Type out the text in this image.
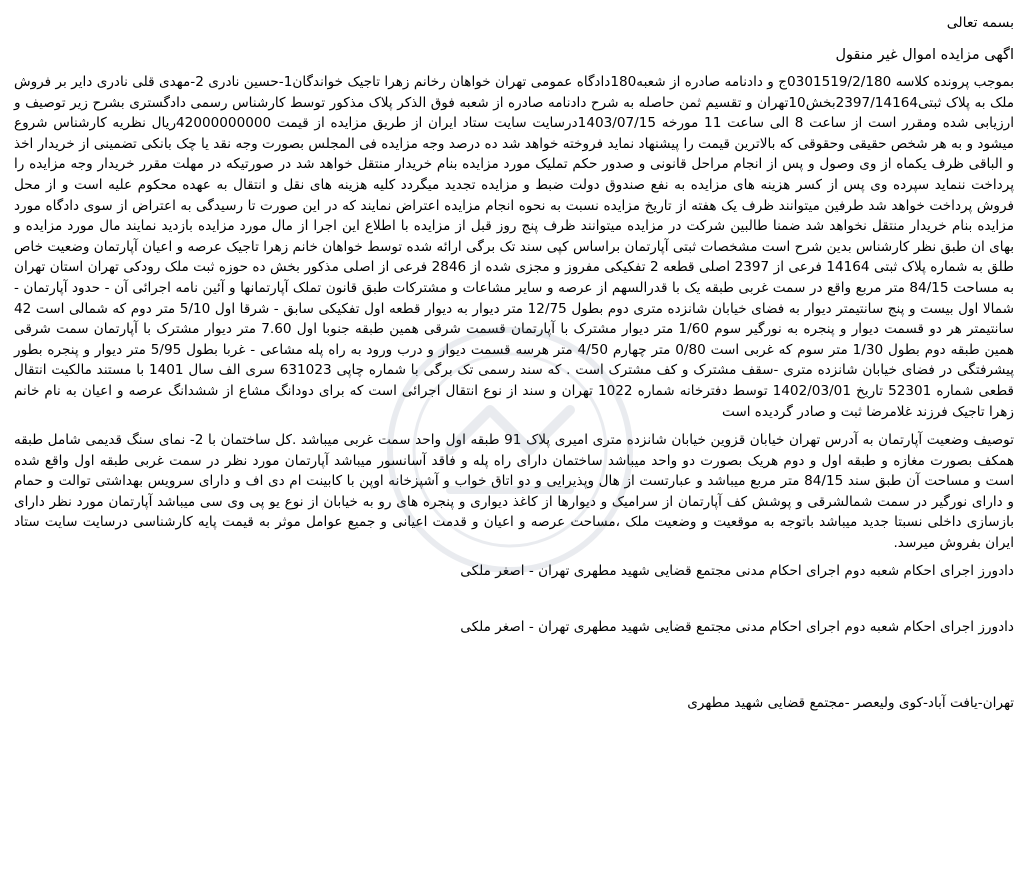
بسمه تعالی
اگهی مزایده اموال غیر منقول

بموجب پرونده کلاسه 0301519/2/180ج و دادنامه صادره از شعبه180دادگاه عمومی تهران خواهان رخانم زهرا تاجیک خواندگان1-حسین نادری 2-مهدی قلی نادری دایر بر فروش ملک به پلاک ثبتی2397/14164بخش10تهران و تقسیم ثمن حاصله به شرح دادنامه صادره از شعبه فوق الذکر پلاک مذکور توسط کارشناس رسمی دادگستری بشرح زیر توصیف و ارزیابی شده ومقرر است از ساعت 8 الی ساعت 11 مورخه 1403/07/15درسایت سایت ستاد ایران از طریق مزایده از قیمت 42000000000ریال نظریه کارشناس شروع میشود و به هر شخص حقیقی وحقوقی که بالاترین قیمت را پیشنهاد نماید فروخته خواهد شد ده درصد وجه مزایده فی المجلس بصورت وجه نقد یا چک بانکی تضمینی از خریدار اخذ و الباقی ظرف یکماه از وی وصول و پس از انجام مراحل قانونی و صدور حکم تملیک مورد مزایده بنام خریدار منتقل خواهد شد در صورتیکه در مهلت مقرر خریدار وجه مزایده را پرداخت ننماید سپرده وی پس از کسر هزینه های مزایده به نفع صندوق دولت ضبط و مزایده تجدید میگردد کلیه هزینه های نقل و انتقال به عهده محکوم علیه است و از محل فروش پرداخت خواهد شد طرفین میتوانند ظرف یک هفته از تاریخ مزایده نسبت به نحوه انجام مزایده اعتراض نمایند که در این صورت تا رسیدگی به اعتراض از سوی دادگاه مورد مزایده بنام خریدار منتقل نخواهد شد ضمنا طالبین شرکت در مزایده میتوانند ظرف پنج روز قبل از مزایده با اطلاع این اجرا از مال مورد مزایده بازدید نمایند مال مورد مزایده و بهای ان طبق نظر کارشناس بدین شرح است مشخصات ثبتی آپارتمان براساس کپی سند تک برگی ارائه شده توسط خواهان خانم زهرا تاجیک عرصه و اعیان آپارتمان وضعیت خاص طلق به شماره پلاک ثبتی 14164 فرعی از 2397 اصلی قطعه 2 تفکیکی مفروز و مجزی شده از 2846 فرعی از اصلی مذکور بخش ده حوزه ثبت ملک رودکی تهران استان تهران به مساحت 84/15 متر مربع واقع در سمت غربی طبقه یک با قدرالسهم از عرصه و سایر مشاعات و مشترکات طبق قانون تملک آپارتمانها و آئین نامه اجرائی آن - حدود آپارتمان - شمالا اول بیست و پنج سانتیمتر دیوار به فضای خیابان شانزده متری دوم بطول 12/75 متر دیوار به دیوار قطعه اول تفکیکی سابق - شرقا اول 5/10 متر دوم که شمالی است 42 سانتیمتر هر دو قسمت دیوار و پنجره به نورگیر سوم 1/60 متر دیوار مشترک با آپارتمان قسمت شرقی همین طبقه جنوبا اول 7.60 متر دیوار مشترک با آپارتمان سمت شرقی همین طبقه دوم بطول 1/30 متر سوم که غربی است 0/80 متر چهارم 4/50 متر هرسه قسمت دیوار و درب ورود به راه پله مشاعی - غربا بطول 5/95 متر دیوار و پنجره بطور پیشرفتگی در فضای خیابان شانزده متری -سقف مشترک و کف مشترک است . که سند رسمی تک برگی با شماره چاپی 631023 سری الف سال 1401 با مستند مالکیت انتقال قطعی شماره 52301 تاریخ 1402/03/01 توسط دفترخانه شماره 1022 تهران و سند از نوع انتقال اجرائی است که برای دودانگ مشاع از ششدانگ عرصه و اعیان به نام خانم زهرا تاجیک فرزند غلامرضا ثبت و صادر گردیده است

توصیف وضعیت آپارتمان به آدرس تهران خیابان قزوین خیابان شانزده متری امیری پلاک 91 طبقه اول واحد سمت غربی میباشد .کل ساختمان با 2- نمای سنگ قدیمی شامل طبقه همکف بصورت مغازه و طبقه اول و دوم هریک بصورت دو واحد میباشد ساختمان دارای راه پله و فاقد آسانسور میباشد آپارتمان مورد نظر در سمت غربی طبقه اول واقع شده است و مساحت آن طبق سند 84/15 متر مربع میباشد و عبارتست از هال وپذیرایی و دو اتاق خواب و آشپزخانه اوپن با کابینت ام دی اف و دارای سرویس بهداشتی توالت و حمام و دارای نورگیر در سمت شمالشرقی و پوشش کف آپارتمان از سرامیک و دیوارها از کاغذ دیواری و پنجره های رو به خیابان از نوع یو پی وی سی میباشد آپارتمان مورد نظر دارای بازسازی داخلی نسبتا جدید میباشد باتوجه به موقعیت و وضعیت ملک ،مساحت عرصه و اعیان و قدمت اعیانی و جمیع عوامل موثر به قیمت پایه کارشناسی درسایت سایت ستاد ایران بفروش میرسد.

دادورز اجرای احکام شعبه دوم اجرای احکام مدنی مجتمع قضایی شهید مطهری تهران - اصغر ملکی

دادورز اجرای احکام شعبه دوم اجرای احکام مدنی مجتمع قضایی شهید مطهری تهران - اصغر ملکی

تهران-یافت آباد-کوی ولیعصر -مجتمع قضایی شهید مطهری
